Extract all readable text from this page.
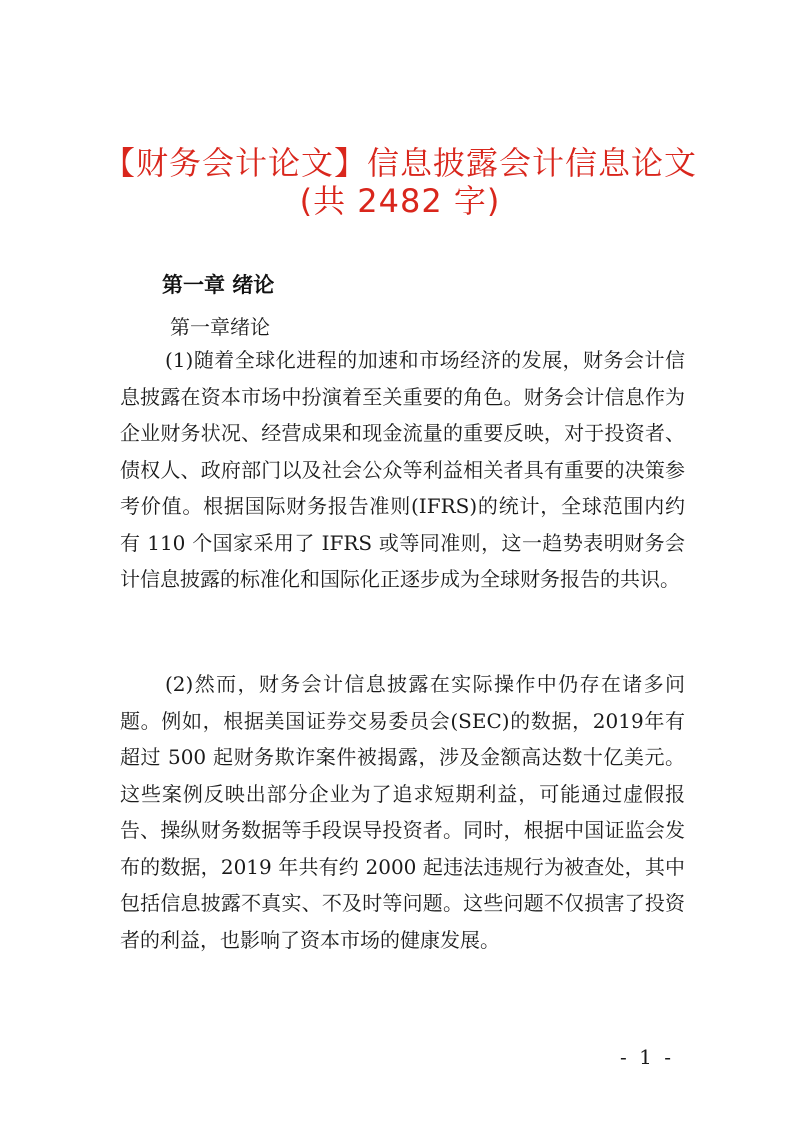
【财务会计论文】信息披露会计信息论文
(共 2482 字)
第一章 绪论
第一章绪论

(1)随着全球化进程的加速和市场经济的发展，财务会计信息披露在资本市场中扮演着至关重要的角色。财务会计信息作为企业财务状况、经营成果和现金流量的重要反映，对于投资者、债权人、政府部门以及社会公众等利益相关者具有重要的决策参考价值。根据国际财务报告准则(IFRS)的统计，全球范围内约有 110 个国家采用了 IFRS 或等同准则，这一趋势表明财务会计信息披露的标准化和国际化正逐步成为全球财务报告的共识。

(2)然而，财务会计信息披露在实际操作中仍存在诸多问题。例如，根据美国证券交易委员会(SEC)的数据，2019年有超过 500 起财务欺诈案件被揭露，涉及金额高达数十亿美元。这些案例反映出部分企业为了追求短期利益，可能通过虚假报告、操纵财务数据等手段误导投资者。同时，根据中国证监会发布的数据，2019 年共有约 2000 起违法违规行为被查处，其中包括信息披露不真实、不及时等问题。这些问题不仅损害了投资者的利益，也影响了资本市场的健康发展。

- 1 -
